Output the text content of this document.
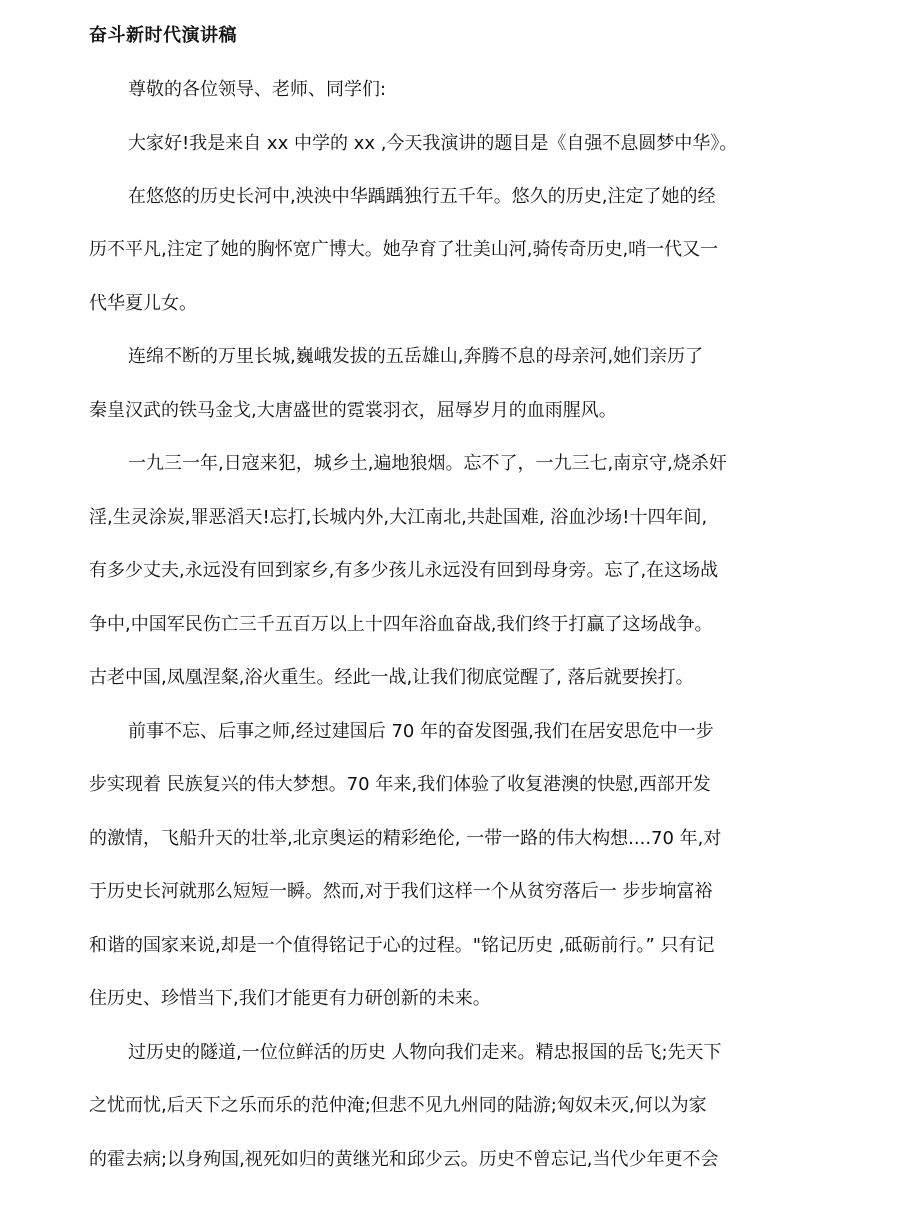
奋斗新时代演讲稿
尊敬的各位领导、老师、同学们:
大家好!我是来自 xx 中学的 xx ,今天我演讲的题目是《自强不息圆梦中华》。
在悠悠的历史长河中,泱泱中华踽踽独行五千年。悠久的历史,注定了她的经
历不平凡,注定了她的胸怀宽广博大。她孕育了壮美山河,骑传奇历史,哨一代又一
代华夏儿女。
连绵不断的万里长城,巍峨发拔的五岳雄山,奔腾不息的母亲河,她们亲历了
秦皇汉武的铁马金戈,大唐盛世的霓裳羽衣，屈辱岁月的血雨腥风。
一九三一年,日寇来犯，城乡土,遍地狼烟。忘不了，一九三七,南京守,烧杀奸
淫,生灵涂炭,罪恶滔天!忘打,长城内外,大江南北,共赴国难, 浴血沙场!十四年间,
有多少丈夫,永远没有回到家乡,有多少孩儿永远没有回到母身旁。忘了,在这场战
争中,中国军民伤亡三千五百万以上十四年浴血奋战,我们终于打赢了这场战争。
古老中国,凤凰涅粲,浴火重生。经此一战,让我们彻底觉醒了, 落后就要挨打。
前事不忘、后事之师,经过建国后 70 年的奋发图强,我们在居安思危中一步
步实现着 民族复兴的伟大梦想。70 年来,我们体验了收复港澳的快慰,西部开发
的激情，飞船升天的壮举,北京奥运的精彩绝伦, 一带一路的伟大构想....70 年,对
于历史长河就那么短短一瞬。然而,对于我们这样一个从贫穷落后一 步步垧富裕
和谐的国家来说,却是一个值得铭记于心的过程。"铭记历史 ,砥砺前行。” 只有记
住历史、珍惜当下,我们才能更有力研创新的未来。
过历史的隧道,一位位鲜活的历史 人物向我们走来。精忠报国的岳飞;先天下
之忧而忧,后天下之乐而乐的范仲淹;但悲不见九州同的陆游;匈奴未灭,何以为家
的霍去病;以身殉国,视死如归的黄继光和邱少云。历史不曾忘记,当代少年更不会
